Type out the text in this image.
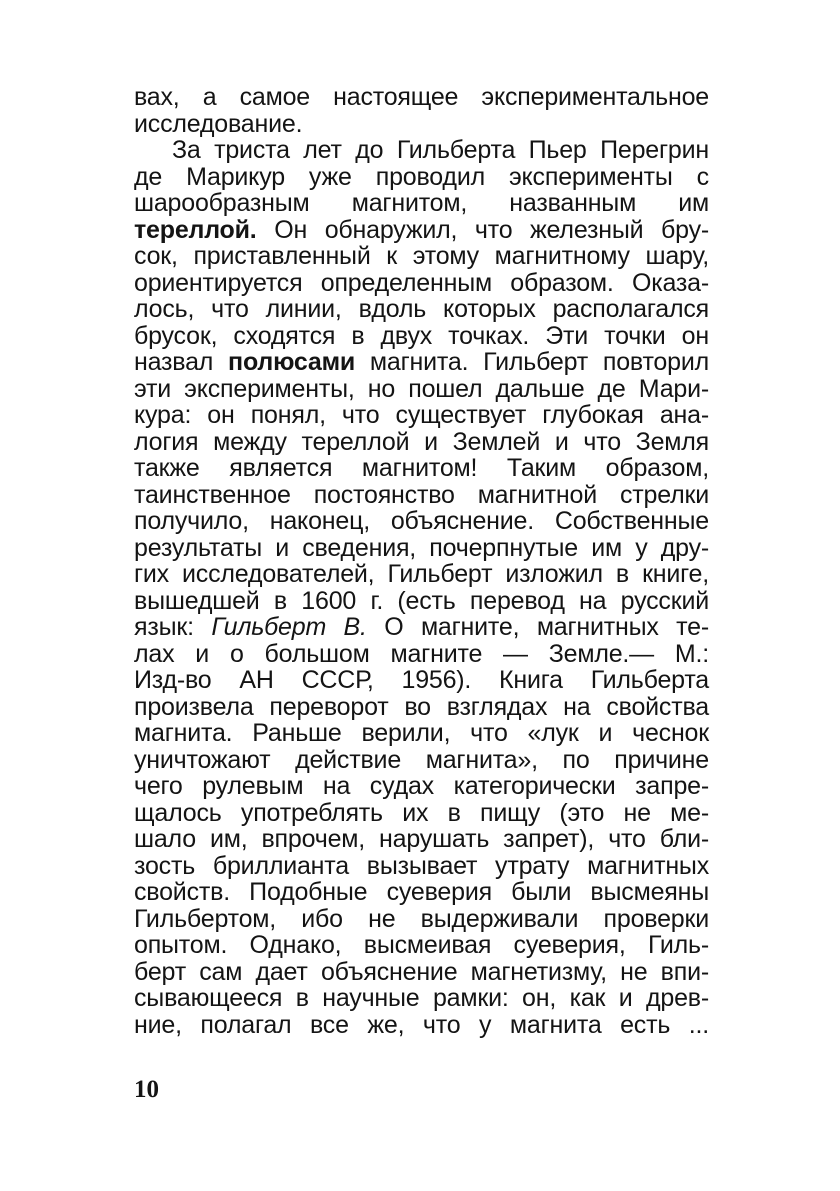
вах, а самое настоящее экспериментальное
исследование.
За триста лет до Гильберта Пьер Перегрин
де Марикур уже проводил эксперименты с
шарообразным магнитом, названным им
тереллой. Он обнаружил, что железный бру-
сок, приставленный к этому магнитному шару,
ориентируется определенным образом. Оказа-
лось, что линии, вдоль которых располагался
брусок, сходятся в двух точках. Эти точки он
назвал полюсами магнита. Гильберт повторил
эти эксперименты, но пошел дальше де Мари-
кура: он понял, что существует глубокая ана-
логия между тереллой и Землей и что Земля
также является магнитом! Таким образом,
таинственное постоянство магнитной стрелки
получило, наконец, объяснение. Собственные
результаты и сведения, почерпнутые им у дру-
гих исследователей, Гильберт изложил в книге,
вышедшей в 1600 г. (есть перевод на русский
язык: Гильберт В. О магните, магнитных те-
лах и о большом магните — Земле.— М.:
Изд-во АН СССР, 1956). Книга Гильберта
произвела переворот во взглядах на свойства
магнита. Раньше верили, что «лук и чеснок
уничтожают действие магнита», по причине
чего рулевым на судах категорически запре-
щалось употреблять их в пищу (это не ме-
шало им, впрочем, нарушать запрет), что бли-
зость бриллианта вызывает утрату магнитных
свойств. Подобные суеверия были высмеяны
Гильбертом, ибо не выдерживали проверки
опытом. Однако, высмеивая суеверия, Гиль-
берт сам дает объяснение магнетизму, не впи-
сывающееся в научные рамки: он, как и древ-
ние, полагал все же, что у магнита есть ...
10
